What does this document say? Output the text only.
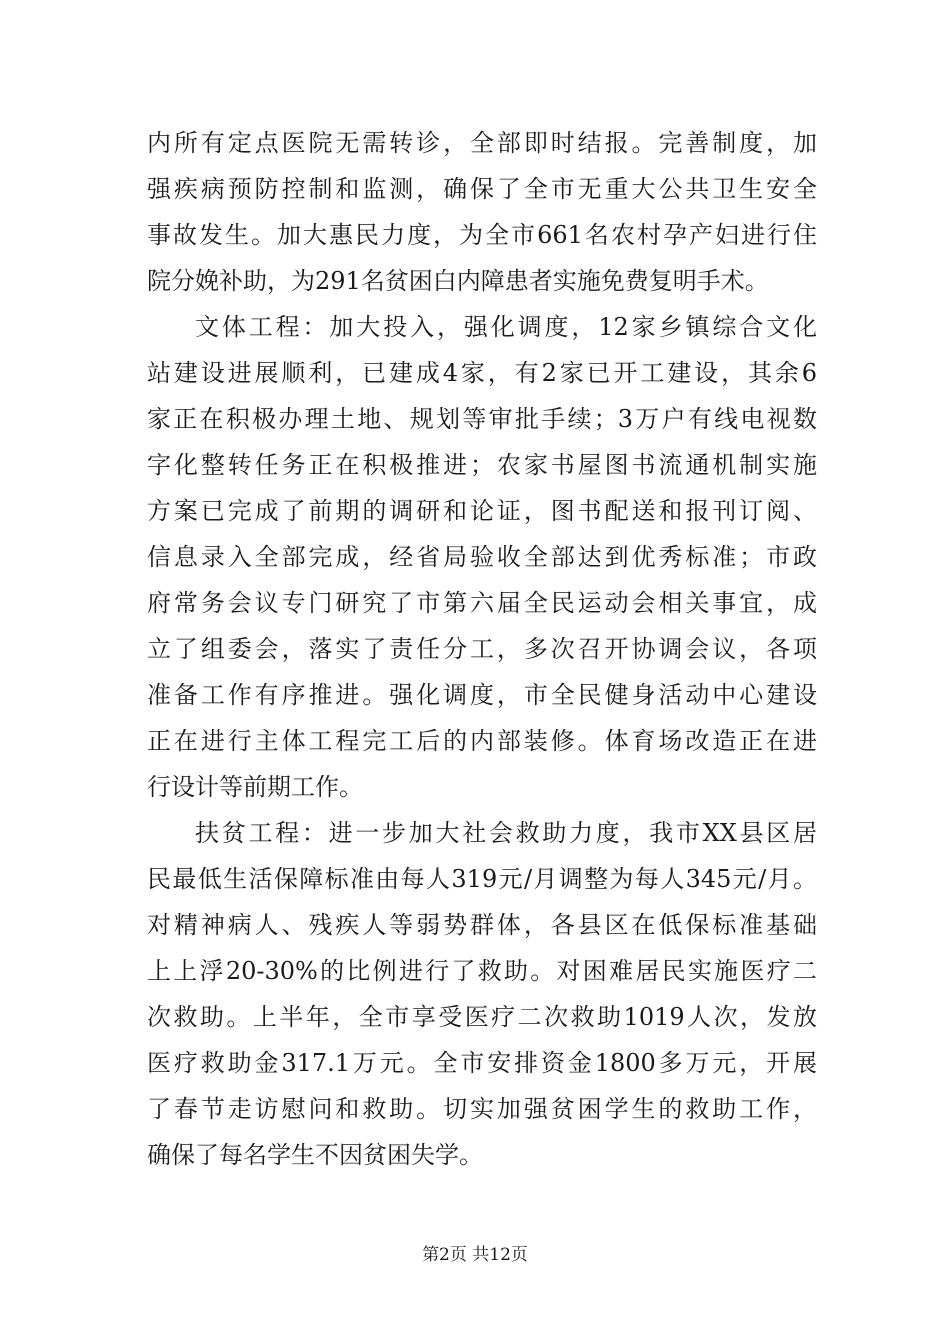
内所有定点医院无需转诊，全部即时结报。完善制度，加
强疾病预防控制和监测，确保了全市无重大公共卫生安全
事故发生。加大惠民力度，为全市661名农村孕产妇进行住
院分娩补助，为291名贫困白内障患者实施免费复明手术。
文体工程：加大投入，强化调度，12家乡镇综合文化
站建设进展顺利，已建成4家，有2家已开工建设，其余6
家正在积极办理土地、规划等审批手续；3万户有线电视数
字化整转任务正在积极推进；农家书屋图书流通机制实施
方案已完成了前期的调研和论证，图书配送和报刊订阅、
信息录入全部完成，经省局验收全部达到优秀标准；市政
府常务会议专门研究了市第六届全民运动会相关事宜，成
立了组委会，落实了责任分工，多次召开协调会议，各项
准备工作有序推进。强化调度，市全民健身活动中心建设
正在进行主体工程完工后的内部装修。体育场改造正在进
行设计等前期工作。
扶贫工程：进一步加大社会救助力度，我市XX县区居
民最低生活保障标准由每人319元/月调整为每人345元/月。
对精神病人、残疾人等弱势群体，各县区在低保标准基础
上上浮20-30%的比例进行了救助。对困难居民实施医疗二
次救助。上半年，全市享受医疗二次救助1019人次，发放
医疗救助金317.1万元。全市安排资金1800多万元，开展
了春节走访慰问和救助。切实加强贫困学生的救助工作，
确保了每名学生不因贫困失学。
第2页 共12页
